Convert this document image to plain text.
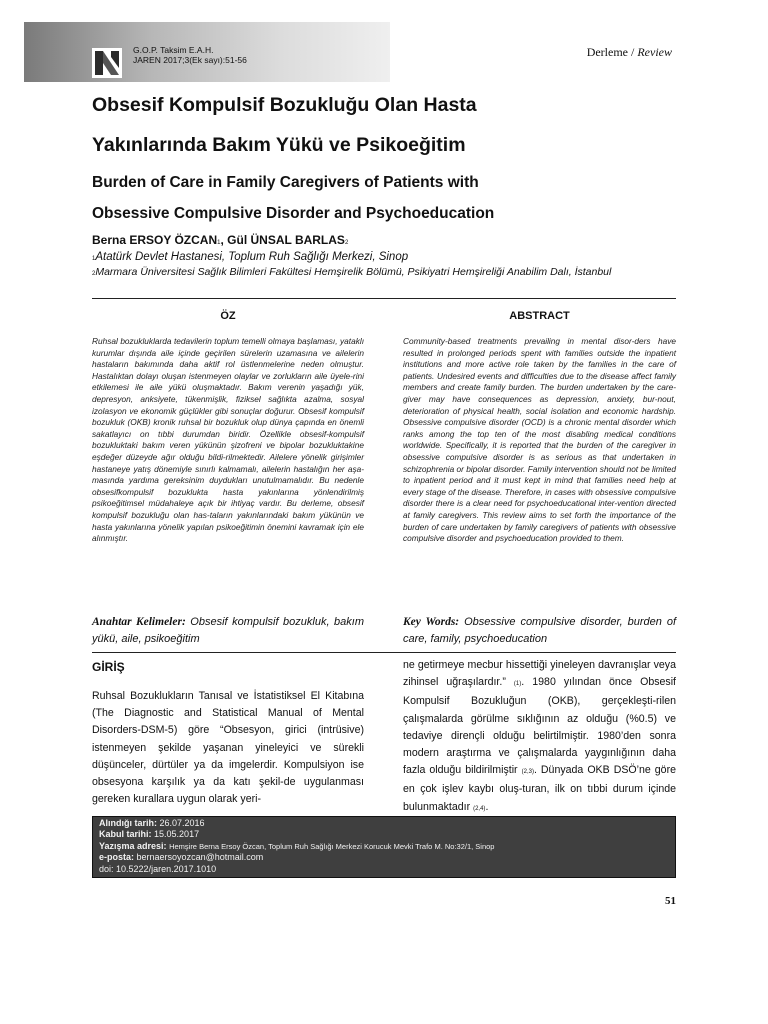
G.O.P. Taksim E.A.H.
JAREN 2017;3(Ek sayı):51-56
Derleme / Review
Obsesif Kompulsif Bozukluğu Olan Hasta
Yakınlarında Bakım Yükü ve Psikoeğitim
Burden of Care in Family Caregivers of Patients with
Obsessive Compulsive Disorder and Psychoeducation
Berna ERSOY ÖZCAN1, Gül ÜNSAL BARLAS2
1Atatürk Devlet Hastanesi, Toplum Ruh Sağlığı Merkezi, Sinop
2Marmara Üniversitesi Sağlık Bilimleri Fakültesi Hemşirelik Bölümü, Psikiyatri Hemşireliği Anabilim Dalı, İstanbul
ÖZ
Ruhsal bozukluklarda tedavilerin toplum temelli olmaya başlaması, yataklı kurumlar dışında aile içinde geçirilen sürelerin uzamasına ve ailelerin hastaların bakımında daha aktif rol üstlenmelerine neden olmuştur. Hastalıktan dolayı oluşan istenmeyen olaylar ve zorlukların aile üyele-rini etkilemesi ile aile yükü oluşmaktadır. Bakım verenin yaşadığı yük, depresyon, anksiyete, tükenmişlik, fiziksel sağlıkta azalma, sosyal izolasyon ve ekonomik güçlükler gibi sonuçlar doğurur. Obsesif kompulsif bozukluk (OKB) kronik ruhsal bir bozukluk olup dünya çapında en önemli sakatlayıcı on tıbbi durumdan biridir. Özellikle obsesif-kompulsif bozukluktaki bakım veren yükünün şizofreni ve bipolar bozukluktakine eşdeğer düzeyde ağır olduğu bildi-rilmektedir. Ailelere yönelik girişimler hastaneye yatış dönemiyle sınırlı kalmamalı, ailelerin hastalığın her aşa-masında yardıma gereksinim duydukları unutulmamalıdır. Bu nedenle obsesifkompulsif bozuklukta hasta yakınlarına yönlendirilmiş psikoeğitimsel müdahaleye açık bir ihtiyaç vardır. Bu derleme, obsesif kompulsif bozukluğu olan has-taların yakınlarındaki bakım yükünün ve hasta yakınlarına yönelik yapılan psikoeğitimin önemini kavramak için ele alınmıştır.
Anahtar Kelimeler: Obsesif kompulsif bozukluk, bakım yükü, aile, psikoeğitim
ABSTRACT
Community-based treatments prevailing in mental disor-ders have resulted in prolonged periods spent with families outside the inpatient institutions and more active role taken by the families in the care of patients. Undesired events and difficulties due to the disease affect family members and create family burden. The burden undertaken by the care-giver may have consequences as depression, anxiety, bur-nout, deterioration of physical health, social isolation and economic hardship. Obsessive compulsive disorder (OCD) is a chronic mental disorder which ranks among the top ten of the most disabling medical conditions worldwide. Specifically, it is reported that the burden of the caregiver in obsessive compulsive disorder is as serious as that undertaken in schizophrenia or bipolar disorder. Family intervention should not be limited to inpatient period and it must kept in mind that families need help at every stage of the disease. Therefore, in cases with obsessive compulsive disorder there is a clear need for psychoeducational inter-vention directed at family caregivers. This review aims to set forth the importance of the burden of care undertaken by family caregivers of patients with obsessive compulsive disorder and psychoeducation provided to them.
Key Words: Obsessive compulsive disorder, burden of care, family, psychoeducation
GİRİŞ
Ruhsal Bozuklukların Tanısal ve İstatistiksel El Kitabına (The Diagnostic and Statistical Manual of Mental Disorders-DSM-5) göre “Obsesyon, girici (intrüsive) istenmeyen şekilde yaşanan yineleyici ve sürekli düşünceler, dürtüler ya da imgelerdir. Kompulsiyon ise obsesyona karşılık ya da katı şekil-de uygulanması gereken kurallara uygun olarak yeri-
ne getirmeye mecbur hissettiği yineleyen davranışlar veya zihinsel uğraşılardır.” (1). 1980 yılından önce Obsesif Kompulsif Bozukluğun (OKB), gerçekleşti-rilen çalışmalarda görülme sıklığının az olduğu (%0.5) ve tedaviye dirençli olduğu belirtilmiştir. 1980’den sonra modern araştırma ve çalışmalarda yaygınlığının daha fazla olduğu bildirilmiştir (2,3). Dünyada OKB DSÖ’ne göre en çok işlev kaybı oluş-turan, ilk on tıbbi durum içinde bulunmaktadır (2,4).
Alındığı tarih: 26.07.2016
Kabul tarihi: 15.05.2017
Yazışma adresi: Hemşire Berna Ersoy Özcan, Toplum Ruh Sağlığı Merkezi Korucuk Mevki Trafo M. No:32/1, Sinop
e-posta: bernaersoyozcan@hotmail.com
doi: 10.5222/jaren.2017.1010
51
